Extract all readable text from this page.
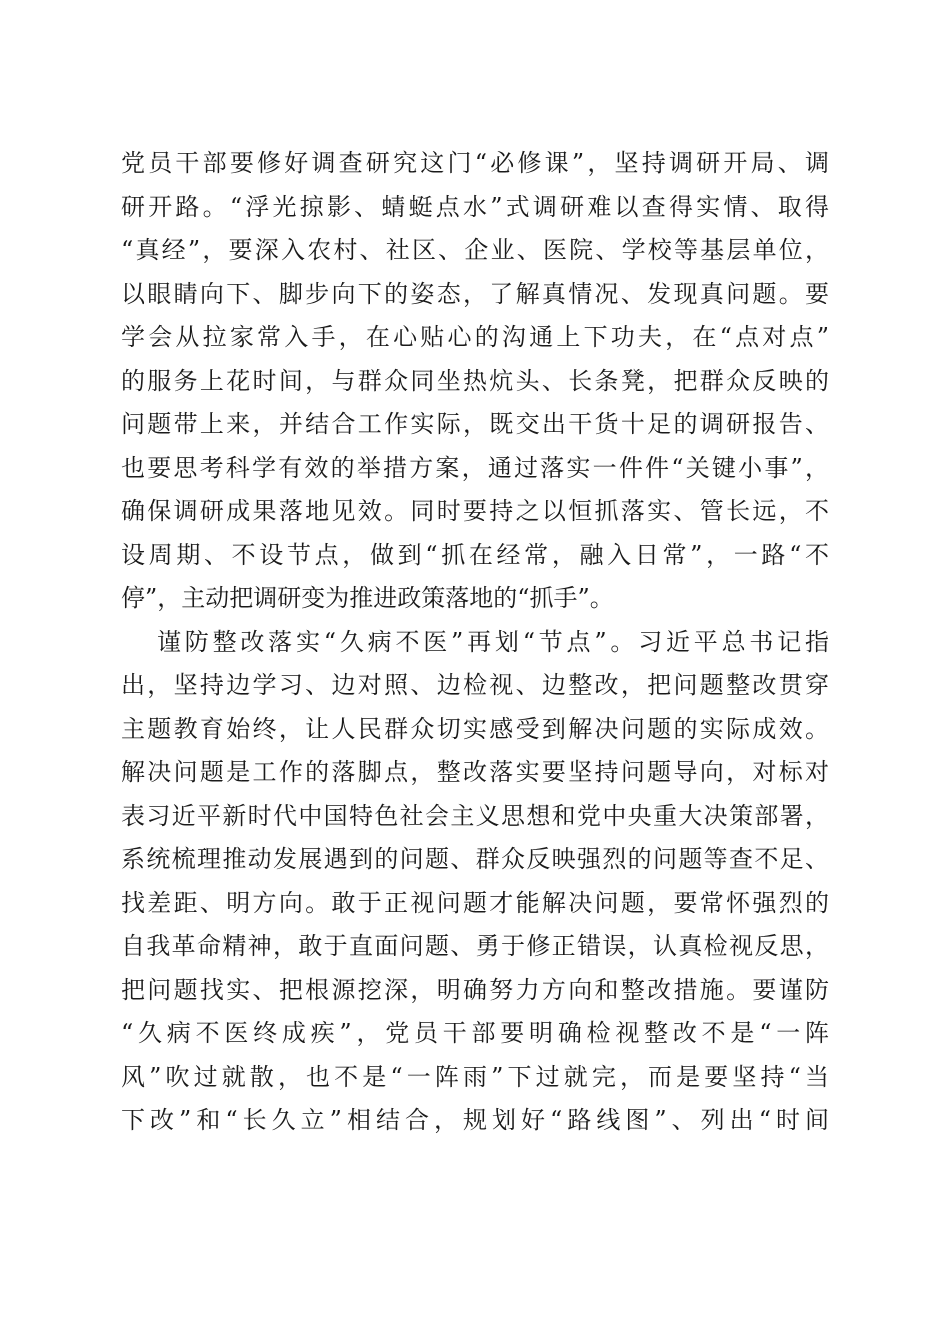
党员干部要修好调查研究这门“必修课”，坚持调研开局、调
研开路。“浮光掠影、蜻蜓点水”式调研难以查得实情、取得
“真经”，要深入农村、社区、企业、医院、学校等基层单位，
以眼睛向下、脚步向下的姿态，了解真情况、发现真问题。要
学会从拉家常入手，在心贴心的沟通上下功夫，在“点对点”
的服务上花时间，与群众同坐热炕头、长条凳，把群众反映的
问题带上来，并结合工作实际，既交出干货十足的调研报告、
也要思考科学有效的举措方案，通过落实一件件“关键小事”，
确保调研成果落地见效。同时要持之以恒抓落实、管长远，不
设周期、不设节点，做到“抓在经常，融入日常”，一路“不
停”，主动把调研变为推进政策落地的“抓手”。
谨防整改落实“久病不医”再划“节点”。习近平总书记指
出，坚持边学习、边对照、边检视、边整改，把问题整改贯穿
主题教育始终，让人民群众切实感受到解决问题的实际成效。
解决问题是工作的落脚点，整改落实要坚持问题导向，对标对
表习近平新时代中国特色社会主义思想和党中央重大决策部署，
系统梳理推动发展遇到的问题、群众反映强烈的问题等查不足、
找差距、明方向。敢于正视问题才能解决问题，要常怀强烈的
自我革命精神，敢于直面问题、勇于修正错误，认真检视反思，
把问题找实、把根源挖深，明确努力方向和整改措施。要谨防
“久病不医终成疾”，党员干部要明确检视整改不是“一阵
风”吹过就散，也不是“一阵雨”下过就完，而是要坚持“当
下改”和“长久立”相结合，规划好“路线图”、列出“时间
